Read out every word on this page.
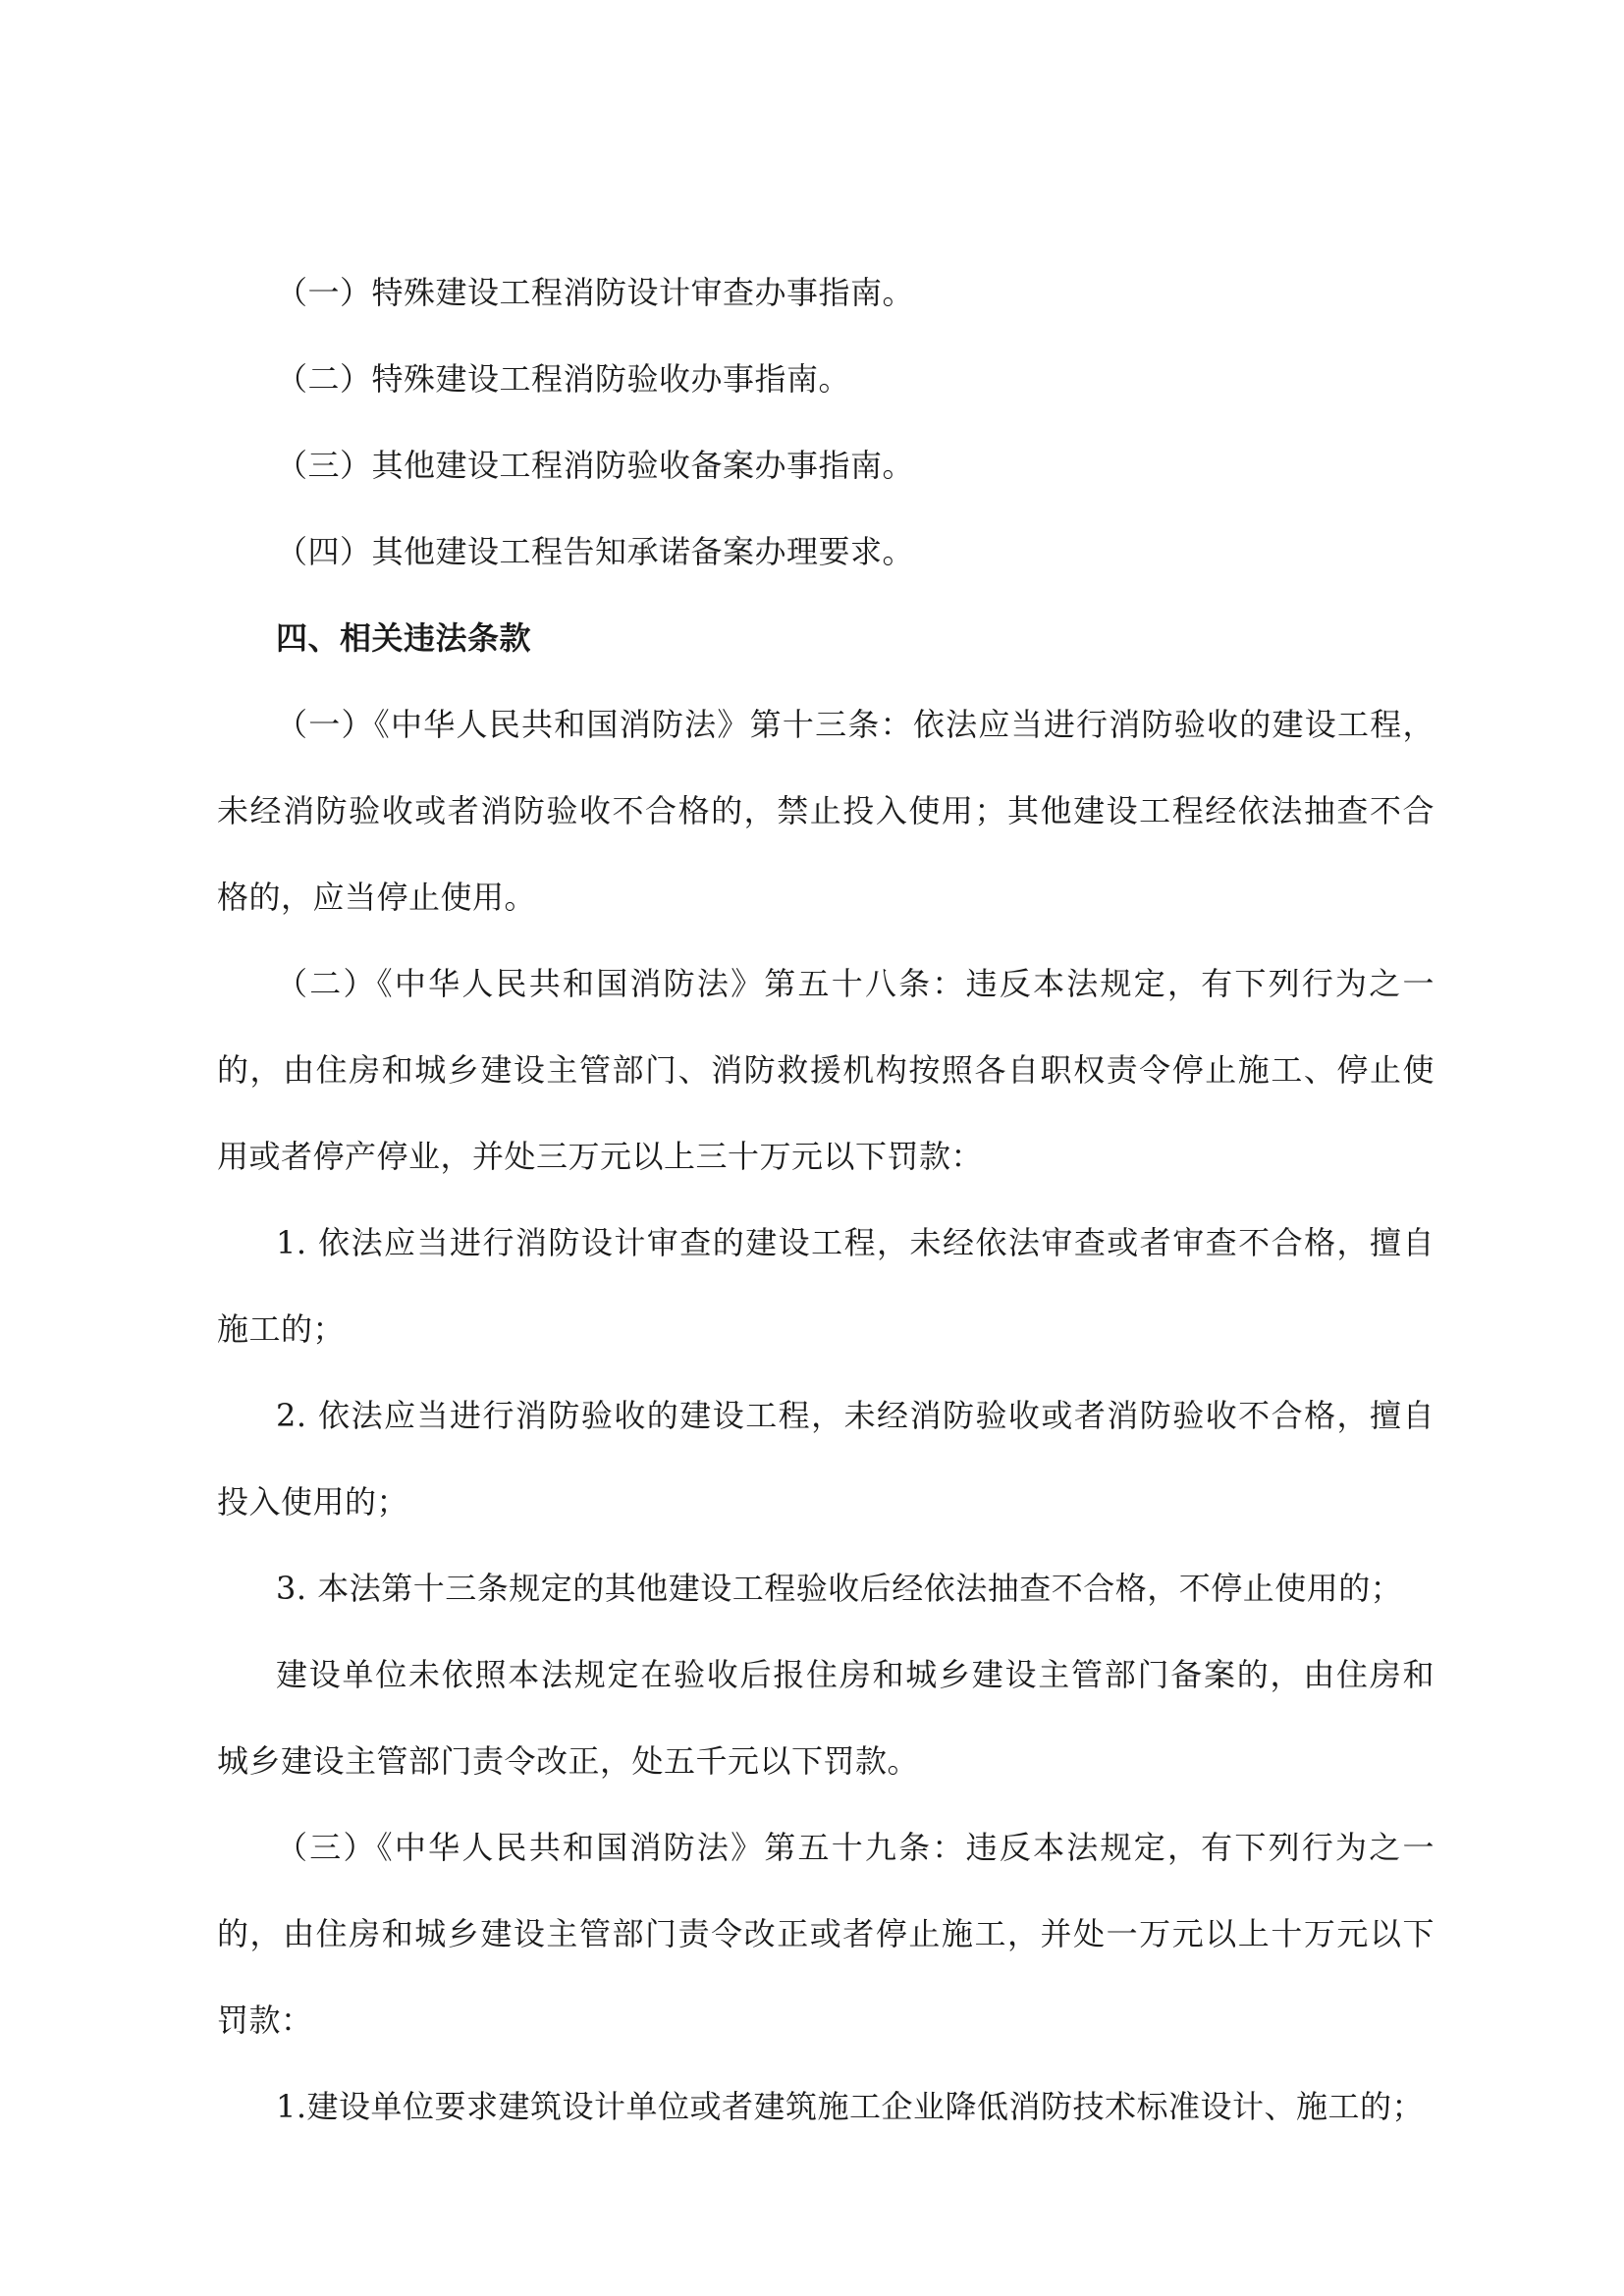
（一）特殊建设工程消防设计审查办事指南。
（二）特殊建设工程消防验收办事指南。
（三）其他建设工程消防验收备案办事指南。
（四）其他建设工程告知承诺备案办理要求。
四、相关违法条款
（一）《中华人民共和国消防法》第十三条：依法应当进行消防验收的建设工程，
未经消防验收或者消防验收不合格的，禁止投入使用；其他建设工程经依法抽查不合
格的，应当停止使用。
（二）《中华人民共和国消防法》第五十八条：违反本法规定，有下列行为之一
的，由住房和城乡建设主管部门、消防救援机构按照各自职权责令停止施工、停止使
用或者停产停业，并处三万元以上三十万元以下罚款：
1. 依法应当进行消防设计审查的建设工程，未经依法审查或者审查不合格，擅自
施工的；
2. 依法应当进行消防验收的建设工程，未经消防验收或者消防验收不合格，擅自
投入使用的；
3. 本法第十三条规定的其他建设工程验收后经依法抽查不合格，不停止使用的；
建设单位未依照本法规定在验收后报住房和城乡建设主管部门备案的，由住房和
城乡建设主管部门责令改正，处五千元以下罚款。
（三）《中华人民共和国消防法》第五十九条：违反本法规定，有下列行为之一
的，由住房和城乡建设主管部门责令改正或者停止施工，并处一万元以上十万元以下
罚款：
1.建设单位要求建筑设计单位或者建筑施工企业降低消防技术标准设计、施工的；
